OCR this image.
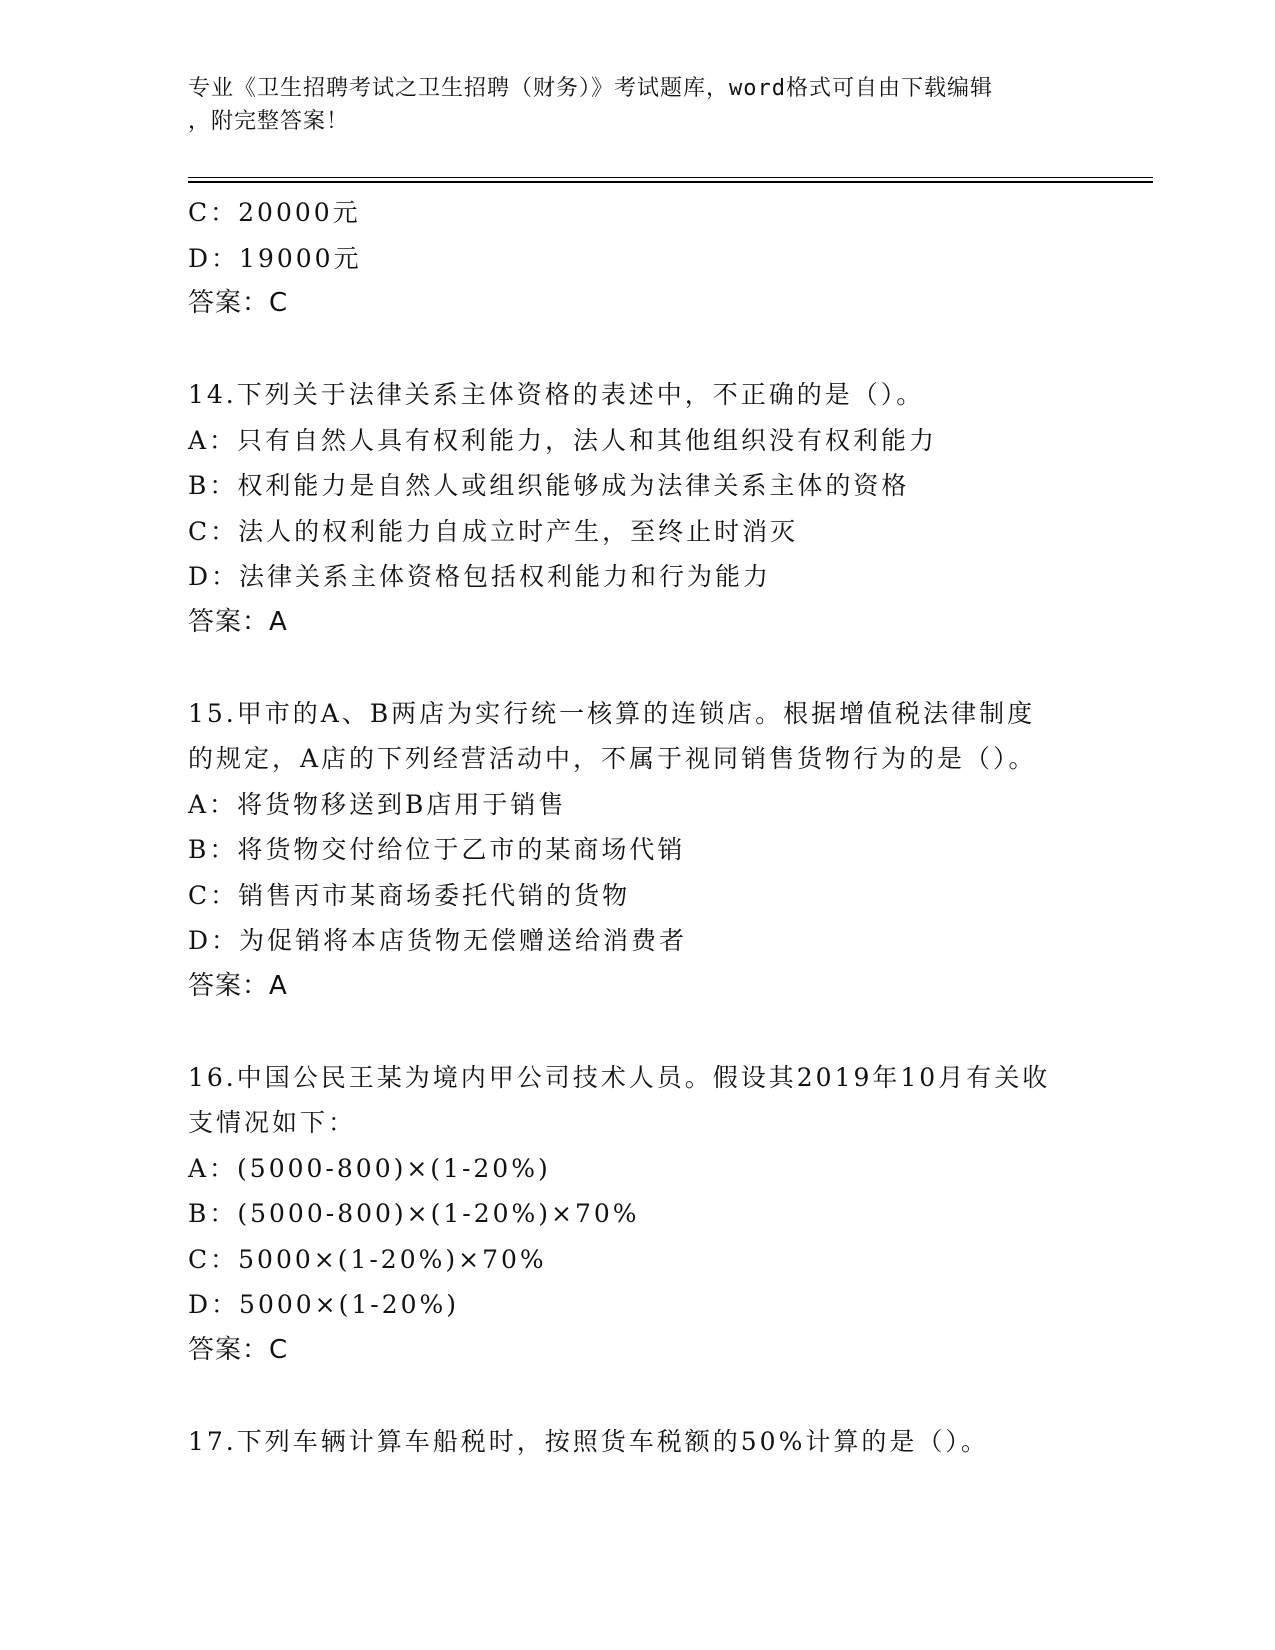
专业《卫生招聘考试之卫生招聘（财务）》考试题库，word格式可自由下载编辑
，附完整答案！
C：20000元
D：19000元
答案：C
14.下列关于法律关系主体资格的表述中，不正确的是（）。
A：只有自然人具有权利能力，法人和其他组织没有权利能力
B：权利能力是自然人或组织能够成为法律关系主体的资格
C：法人的权利能力自成立时产生，至终止时消灭
D：法律关系主体资格包括权利能力和行为能力
答案：A
15.甲市的A、B两店为实行统一核算的连锁店。根据增值税法律制度
的规定，A店的下列经营活动中，不属于视同销售货物行为的是（）。
A：将货物移送到B店用于销售
B：将货物交付给位于乙市的某商场代销
C：销售丙市某商场委托代销的货物
D：为促销将本店货物无偿赠送给消费者
答案：A
16.中国公民王某为境内甲公司技术人员。假设其2019年10月有关收
支情况如下：
A：(5000-800)×(1-20%)
B：(5000-800)×(1-20%)×70%
C：5000×(1-20%)×70%
D：5000×(1-20%)
答案：C
17.下列车辆计算车船税时，按照货车税额的50%计算的是（）。
